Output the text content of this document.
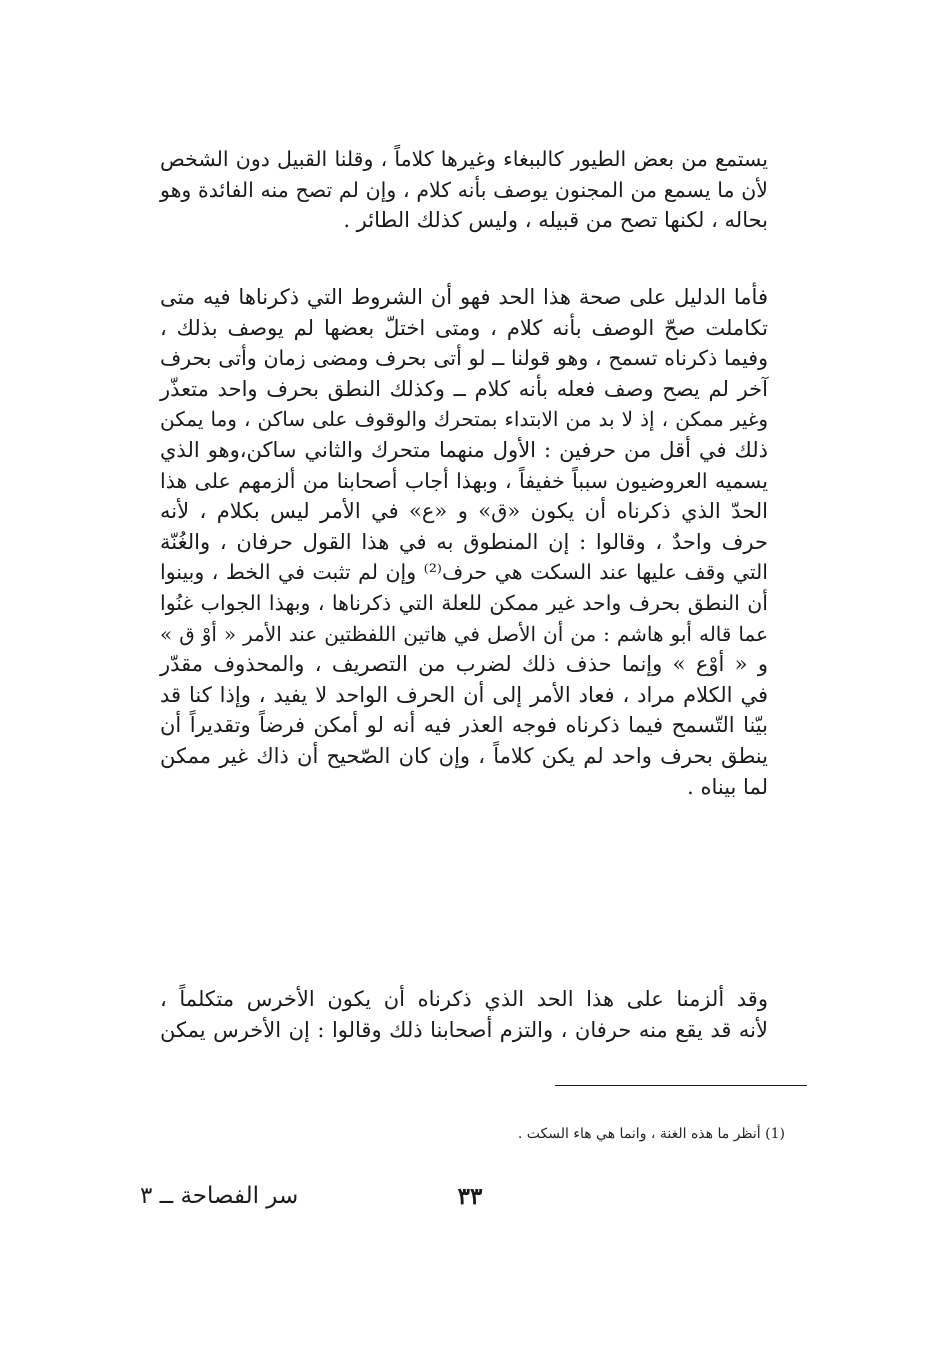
يستمع من بعض الطيور كالببغاء وغيرها كلاماً ، وقلنا القبيل دون الشخص
لأن ما يسمع من المجنون يوصف بأنه كلام ، وإن لم تصح منه الفائدة وهو
بحاله ، لكنها تصح من قبيله ، وليس كذلك الطائر .
فأما الدليل على صحة هذا الحد فهو أن الشروط التي ذكرناها فيه متى
تكاملت صحّ الوصف بأنه كلام ، ومتى اختلّ بعضها لم يوصف بذلك ،
وفيما ذكرناه تسمح ، وهو قولنا ــ لو أتى بحرف ومضى زمان وأتى بحرف
آخر لم يصح وصف فعله بأنه كلام ــ وكذلك النطق بحرف واحد متعذّر
وغير ممكن ، إذ لا بد من الابتداء بمتحرك والوقوف على ساكن ، وما يمكن
ذلك في أقل من حرفين : الأول منهما متحرك والثاني ساكن،وهو الذي
يسميه العروضيون سبباً خفيفاً ، وبهذا أجاب أصحابنا من ألزمهم على هذا
الحدّ الذي ذكرناه أن يكون «ق» و «ع» في الأمر ليس بكلام ، لأنه
حرف واحدٌ ، وقالوا : إن المنطوق به في هذا القول حرفان ، والغُنّة
التي وقف عليها عند السكت هي حرف⁽²⁾ وإن لم تثبت في الخط ، وبينوا
أن النطق بحرف واحد غير ممكن للعلة التي ذكرناها ، وبهذا الجواب غنُوا
عما قاله أبو هاشم : من أن الأصل في هاتين اللفظتين عند الأمر « أوْ ق »
و « أوْع » وإنما حذف ذلك لضرب من التصريف ، والمحذوف مقدّر
في الكلام مراد ، فعاد الأمر إلى أن الحرف الواحد لا يفيد ، وإذا كنا قد
بيّنا التّسمح فيما ذكرناه فوجه العذر فيه أنه لو أمكن فرضاً وتقديراً أن
ينطق بحرف واحد لم يكن كلاماً ، وإن كان الصّحيح أن ذاك غير ممكن
لما بيناه .
وقد ألزمنا على هذا الحد الذي ذكرناه أن يكون الأخرس متكلماً ،
لأنه قد يقع منه حرفان ، والتزم أصحابنا ذلك وقالوا : إن الأخرس يمكن
(1) أنظر ما هذه الغنة ، وانما هي هاء السكت .
٣٣
سر الفصاحة ــ ٣
